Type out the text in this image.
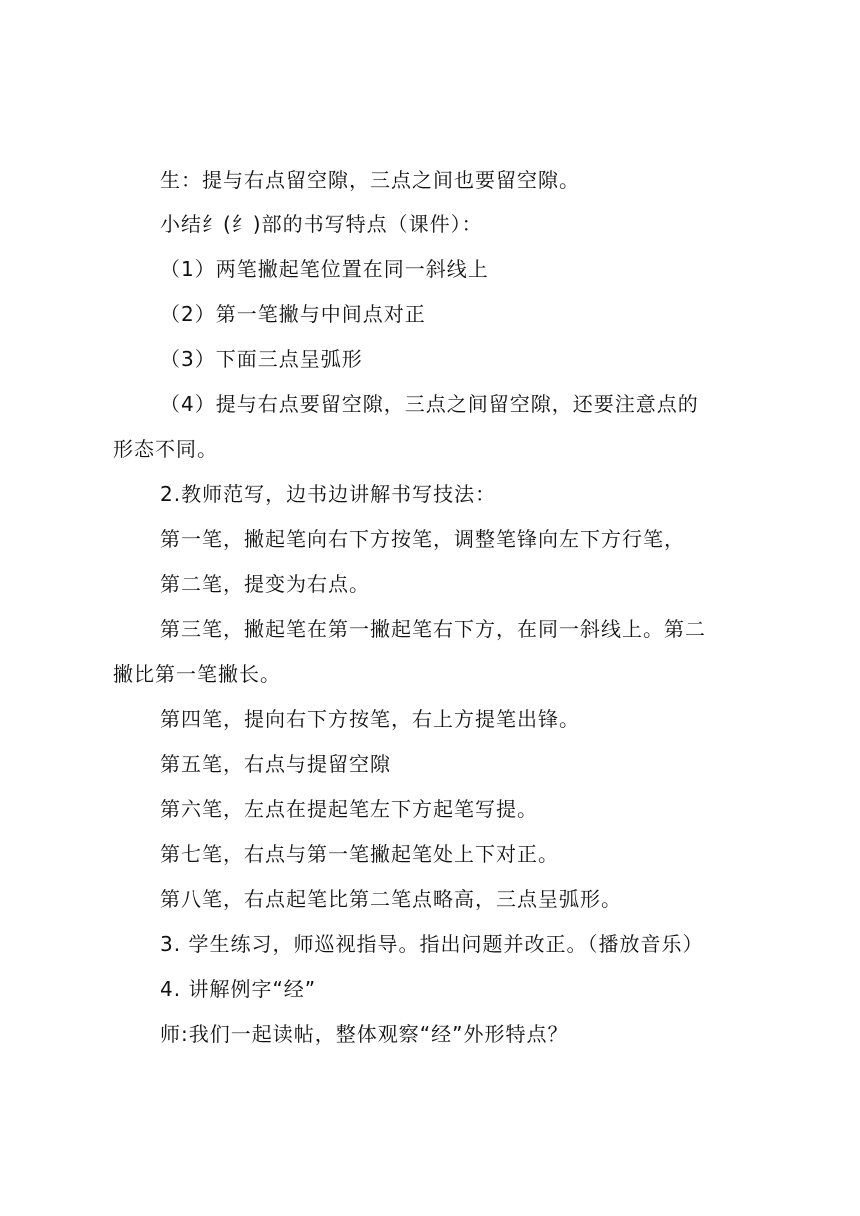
生：提与右点留空隙，三点之间也要留空隙。
小结纟(纟)部的书写特点（课件）：
（1）两笔撇起笔位置在同一斜线上
（2）第一笔撇与中间点对正
（3）下面三点呈弧形
（4）提与右点要留空隙，三点之间留空隙，还要注意点的
形态不同。
2.教师范写，边书边讲解书写技法：
第一笔，撇起笔向右下方按笔，调整笔锋向左下方行笔，
第二笔，提变为右点。
第三笔，撇起笔在第一撇起笔右下方，在同一斜线上。第二
撇比第一笔撇长。
第四笔，提向右下方按笔，右上方提笔出锋。
第五笔，右点与提留空隙
第六笔，左点在提起笔左下方起笔写提。
第七笔，右点与第一笔撇起笔处上下对正。
第八笔，右点起笔比第二笔点略高，三点呈弧形。
3. 学生练习，师巡视指导。指出问题并改正。（播放音乐）
4. 讲解例字“经”
师:我们一起读帖，整体观察“经”外形特点？
